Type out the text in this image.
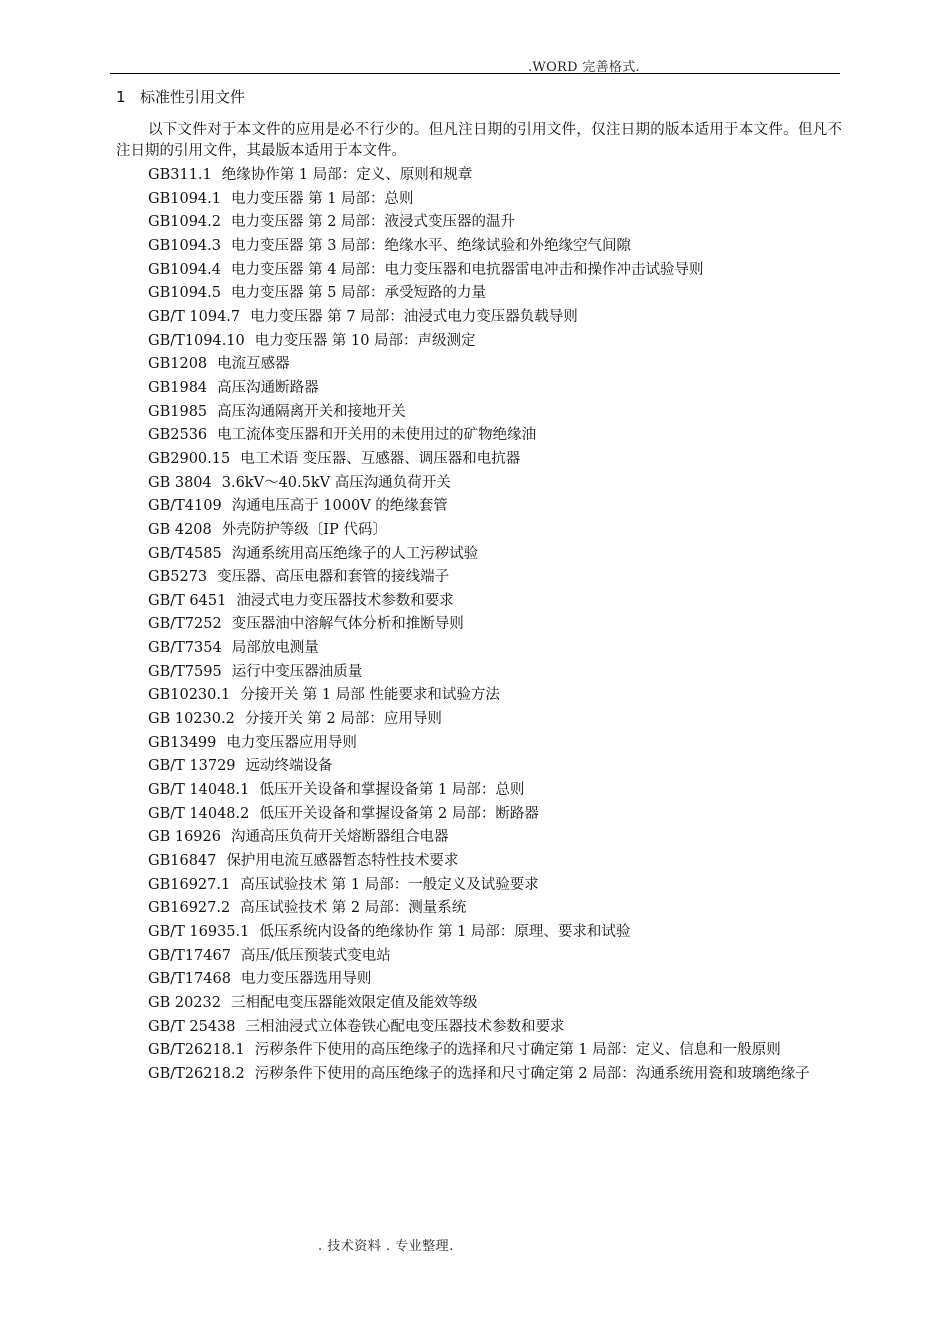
.WORD 完善格式.
1 标准性引用文件

以下文件对于本文件的应用是必不行少的。但凡注日期的引用文件，仅注日期的版本适用于本文件。但凡不注日期的引用文件，其最版本适用于本文件。

GB311.1 绝缘协作第 1 局部：定义、原则和规章
GB1094.1 电力变压器 第 1 局部：总则
GB1094.2 电力变压器 第 2 局部：液浸式变压器的温升
GB1094.3 电力变压器 第 3 局部：绝缘水平、绝缘试验和外绝缘空气间隙
GB1094.4 电力变压器 第 4 局部：电力变压器和电抗器雷电冲击和操作冲击试验导则
GB1094.5 电力变压器 第 5 局部：承受短路的力量
GB/T 1094.7 电力变压器 第 7 局部：油浸式电力变压器负载导则
GB/T1094.10 电力变压器 第 10 局部：声级测定
GB1208 电流互感器
GB1984 高压沟通断路器
GB1985 高压沟通隔离开关和接地开关
GB2536 电工流体变压器和开关用的未使用过的矿物绝缘油
GB2900.15 电工术语 变压器、互感器、调压器和电抗器
GB 3804 3.6kV～40.5kV 高压沟通负荷开关
GB/T4109 沟通电压高于 1000V 的绝缘套管
GB 4208 外壳防护等级〔IP 代码〕
GB/T4585 沟通系统用高压绝缘子的人工污秽试验
GB5273 变压器、高压电器和套管的接线端子
GB/T 6451 油浸式电力变压器技术参数和要求
GB/T7252 变压器油中溶解气体分析和推断导则
GB/T7354 局部放电测量
GB/T7595 运行中变压器油质量
GB10230.1 分接开关 第 1 局部 性能要求和试验方法
GB 10230.2 分接开关 第 2 局部：应用导则
GB13499 电力变压器应用导则
GB/T 13729 远动终端设备
GB/T 14048.1 低压开关设备和掌握设备第 1 局部：总则
GB/T 14048.2 低压开关设备和掌握设备第 2 局部：断路器
GB 16926 沟通高压负荷开关熔断器组合电器
GB16847 保护用电流互感器暂态特性技术要求
GB16927.1 高压试验技术 第 1 局部：一般定义及试验要求
GB16927.2 高压试验技术 第 2 局部：测量系统
GB/T 16935.1 低压系统内设备的绝缘协作 第 1 局部：原理、要求和试验
GB/T17467 高压/低压预装式变电站
GB/T17468 电力变压器选用导则
GB 20232 三相配电变压器能效限定值及能效等级
GB/T 25438 三相油浸式立体卷铁心配电变压器技术参数和要求
GB/T26218.1 污秽条件下使用的高压绝缘子的选择和尺寸确定第 1 局部：定义、信息和一般原则
GB/T26218.2 污秽条件下使用的高压绝缘子的选择和尺寸确定第 2 局部：沟通系统用瓷和玻璃绝缘子
. 技术资料 . 专业整理.
